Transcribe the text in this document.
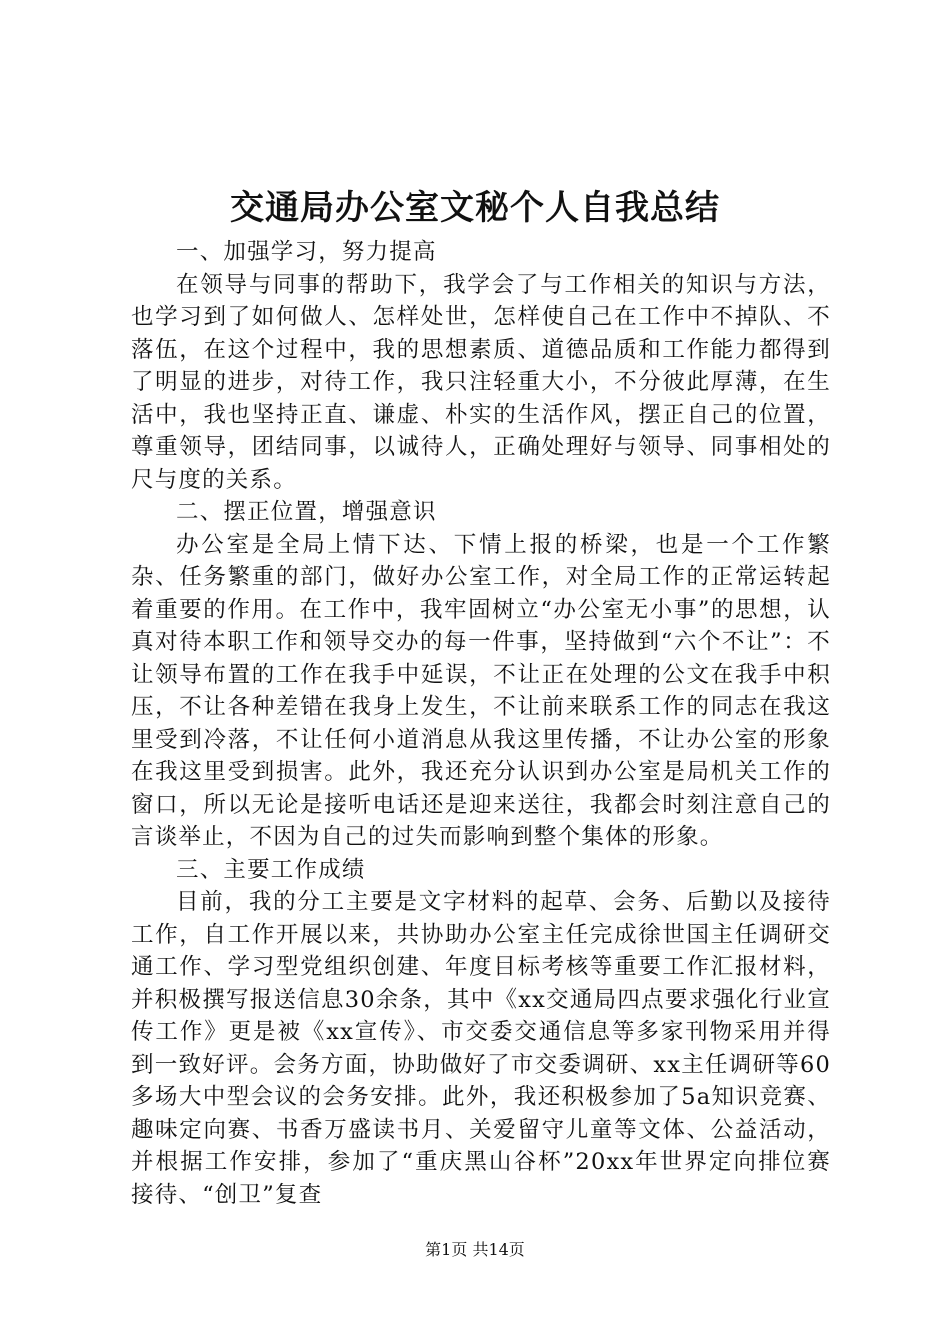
交通局办公室文秘个人自我总结

一、加强学习，努力提高

在领导与同事的帮助下，我学会了与工作相关的知识与方法，也学习到了如何做人、怎样处世，怎样使自己在工作中不掉队、不落伍，在这个过程中，我的思想素质、道德品质和工作能力都得到了明显的进步，对待工作，我只注轻重大小，不分彼此厚薄，在生活中，我也坚持正直、谦虚、朴实的生活作风，摆正自己的位置，尊重领导，团结同事，以诚待人，正确处理好与领导、同事相处的尺与度的关系。

二、摆正位置，增强意识

办公室是全局上情下达、下情上报的桥梁，也是一个工作繁杂、任务繁重的部门，做好办公室工作，对全局工作的正常运转起着重要的作用。在工作中，我牢固树立“办公室无小事”的思想，认真对待本职工作和领导交办的每一件事，坚持做到“六个不让”：不让领导布置的工作在我手中延误，不让正在处理的公文在我手中积压，不让各种差错在我身上发生，不让前来联系工作的同志在我这里受到冷落，不让任何小道消息从我这里传播，不让办公室的形象在我这里受到损害。此外，我还充分认识到办公室是局机关工作的窗口，所以无论是接听电话还是迎来送往，我都会时刻注意自己的言谈举止，不因为自己的过失而影响到整个集体的形象。

三、主要工作成绩

目前，我的分工主要是文字材料的起草、会务、后勤以及接待工作，自工作开展以来，共协助办公室主任完成徐世国主任调研交通工作、学习型党组织创建、年度目标考核等重要工作汇报材料，并积极撰写报送信息30余条，其中《xx交通局四点要求强化行业宣传工作》更是被《xx宣传》、市交委交通信息等多家刊物采用并得到一致好评。会务方面，协助做好了市交委调研、xx主任调研等60多场大中型会议的会务安排。此外，我还积极参加了5a知识竞赛、趣味定向赛、书香万盛读书月、关爱留守儿童等文体、公益活动，并根据工作安排，参加了“重庆黑山谷杯”20xx年世界定向排位赛接待、“创卫”复查

第1页 共14页
